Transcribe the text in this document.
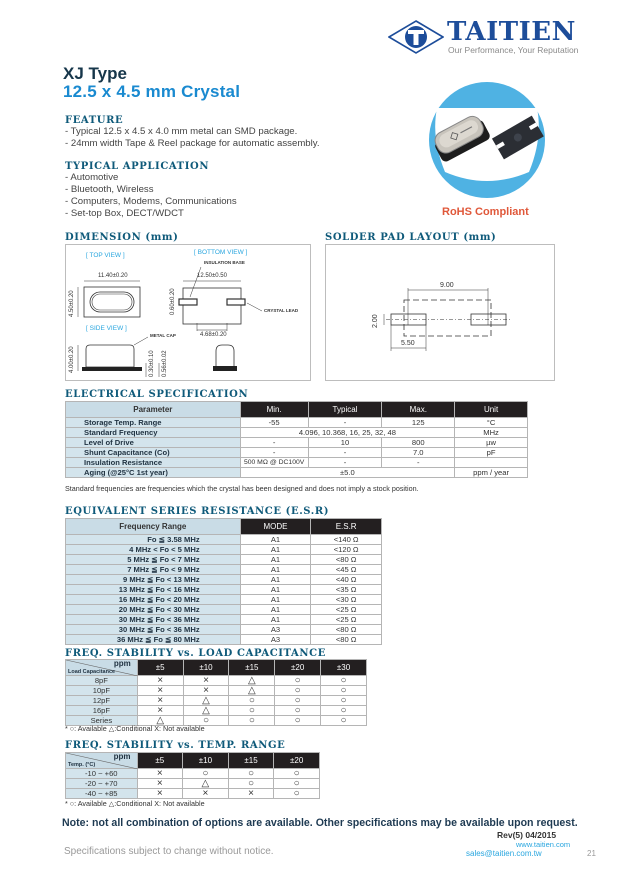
TAITIEN
Our Performance, Your Reputation
XJ Type
12.5 x 4.5 mm Crystal
FEATURE
- Typical 12.5 x 4.5 x 4.0 mm metal can SMD package.
- 24mm width Tape & Reel package for automatic assembly.
TYPICAL APPLICATION
- Automotive
- Bluetooth, Wireless
- Computers, Modems, Communications
- Set-top Box, DECT/WDCT	RoHS Compliant
DIMENSION (mm)
[ TOP VIEW ]	[ BOTTOM VIEW ]
[ SIDE VIEW ]
11.40±0.20
4.50±0.20
INSULATION BASE
12.50±0.50
0.60±0.20
4.68±0.20
CRYSTAL LEAD
METAL CAP
4.00±0.20	0.30±0.10 0.56±0.02
SOLDER PAD LAYOUT (mm)
9.00
2.00
5.50
ELECTRICAL SPECIFICATION
Parameter	Min.	Typical	Max.	Unit
Storage Temp. Range	-55	-	125	°C
Standard Frequency	4.096, 10.368, 16, 25, 32, 48			MHz
Level of Drive	-	10	800	µw
Shunt Capacitance (Co)	-	-	7.0	pF
Insulation Resistance	500 MΩ @ DC100V	-	-	
Aging (@25°C 1st year)	±5.0			ppm / year
Standard frequencies are frequencies which the crystal has been designed and does not imply a stock position.
EQUIVALENT SERIES RESISTANCE (E.S.R)
Frequency Range	MODE	E.S.R
Fo ≦ 3.58 MHz	A1	<140 Ω
4 MHz < Fo < 5 MHz	A1	<120 Ω
5 MHz ≦ Fo < 7 MHz	A1	<80 Ω
7 MHz ≦ Fo < 9 MHz	A1	<45 Ω
9 MHz ≦ Fo < 13 MHz	A1	<40 Ω
13 MHz ≦ Fo < 16 MHz	A1	<35 Ω
16 MHz ≦ Fo < 20 MHz	A1	<30 Ω
20 MHz ≦ Fo < 30 MHz	A1	<25 Ω
30 MHz ≦ Fo < 36 MHz	A1	<25 Ω
30 MHz ≦ Fo < 36 MHz	A3	<80 Ω
36 MHz ≦ Fo ≦ 80 MHz	A3	<80 Ω
FREQ. STABILITY vs. LOAD CAPACITANCE
ppm
Load Capacitance	±5	±10	±15	±20	±30
8pF	×	×	△	○	○
10pF	×	×	△	○	○
12pF	×	△	○	○	○
16pF	×	△	○	○	○
Series	△	○	○	○	○
* ○: Available △:Conditional X: Not available
FREQ. STABILITY vs. TEMP. RANGE
ppm
Temp. (°C)	±5	±10	±15	±20
-10 ~ +60	×	○	○	○
-20 ~ +70	×	△	○	○
-40 ~ +85	×	×	×	○
* ○: Available △:Conditional X: Not available
Note: not all combination of options are available. Other specifications may be available upon request.
Rev(5) 04/2015
www.taitien.com
sales@taitien.com.tw
Specifications subject to change without notice.	21
